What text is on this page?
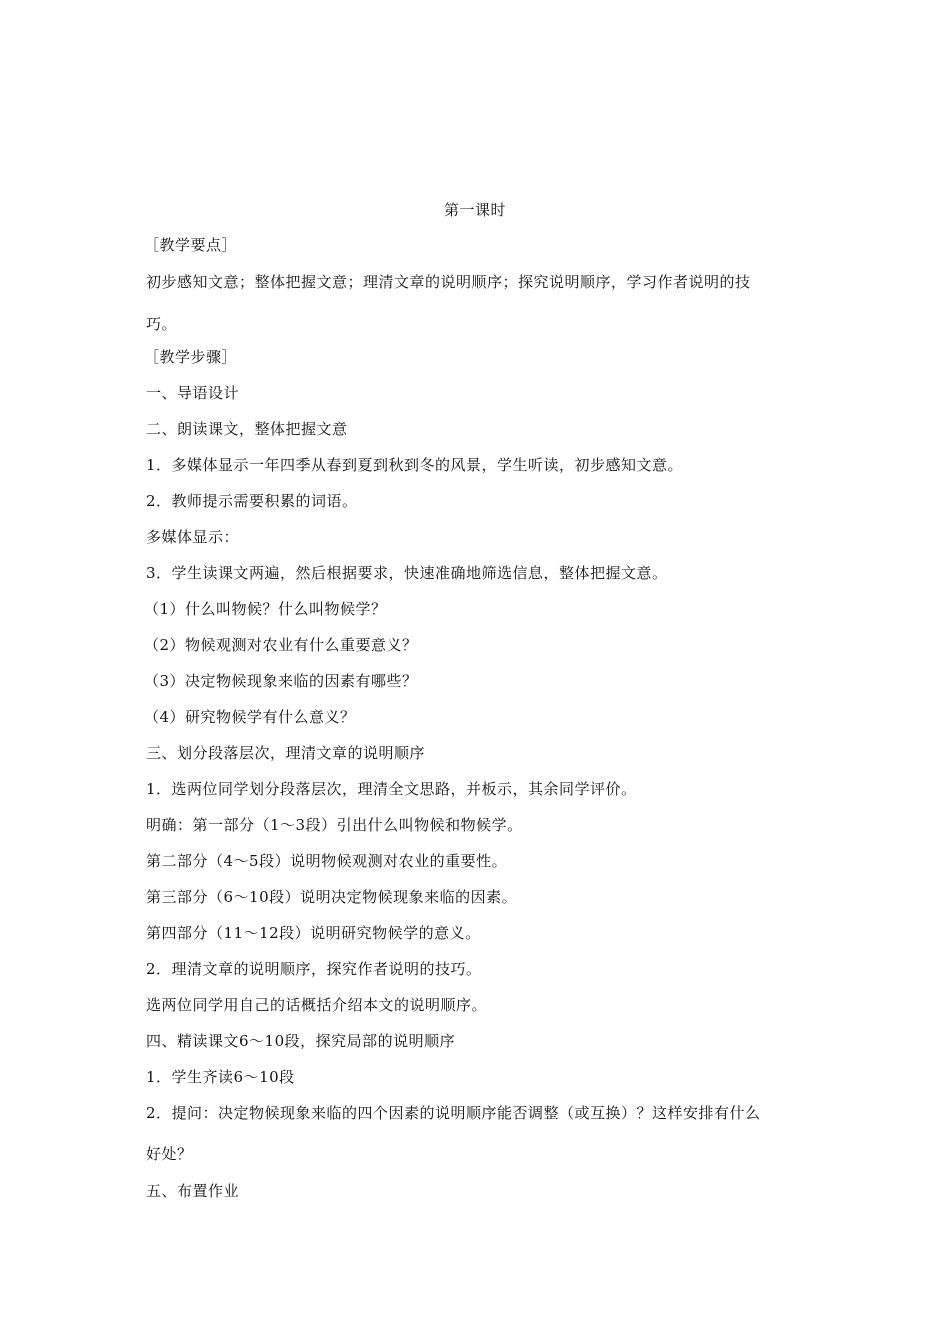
第一课时
［教学要点］
初步感知文意；整体把握文意；理清文章的说明顺序；探究说明顺序，学习作者说明的技
巧。
［教学步骤］
一、导语设计
二、朗读课文，整体把握文意
1．多媒体显示一年四季从春到夏到秋到冬的风景，学生听读，初步感知文意。
2．教师提示需要积累的词语。
多媒体显示：
3．学生读课文两遍，然后根据要求，快速准确地筛选信息，整体把握文意。
（1）什么叫物候？什么叫物候学？
（2）物候观测对农业有什么重要意义？
（3）决定物候现象来临的因素有哪些？
（4）研究物候学有什么意义？
三、划分段落层次，理清文章的说明顺序
1．选两位同学划分段落层次，理清全文思路，并板示，其余同学评价。
明确：第一部分（1～3段）引出什么叫物候和物候学。
第二部分（4～5段）说明物候观测对农业的重要性。
第三部分（6～10段）说明决定物候现象来临的因素。
第四部分（11～12段）说明研究物候学的意义。
2．理清文章的说明顺序，探究作者说明的技巧。
选两位同学用自己的话概括介绍本文的说明顺序。
四、精读课文6～10段，探究局部的说明顺序
1．学生齐读6～10段
2．提问：决定物候现象来临的四个因素的说明顺序能否调整（或互换）？这样安排有什么
好处？
五、布置作业
